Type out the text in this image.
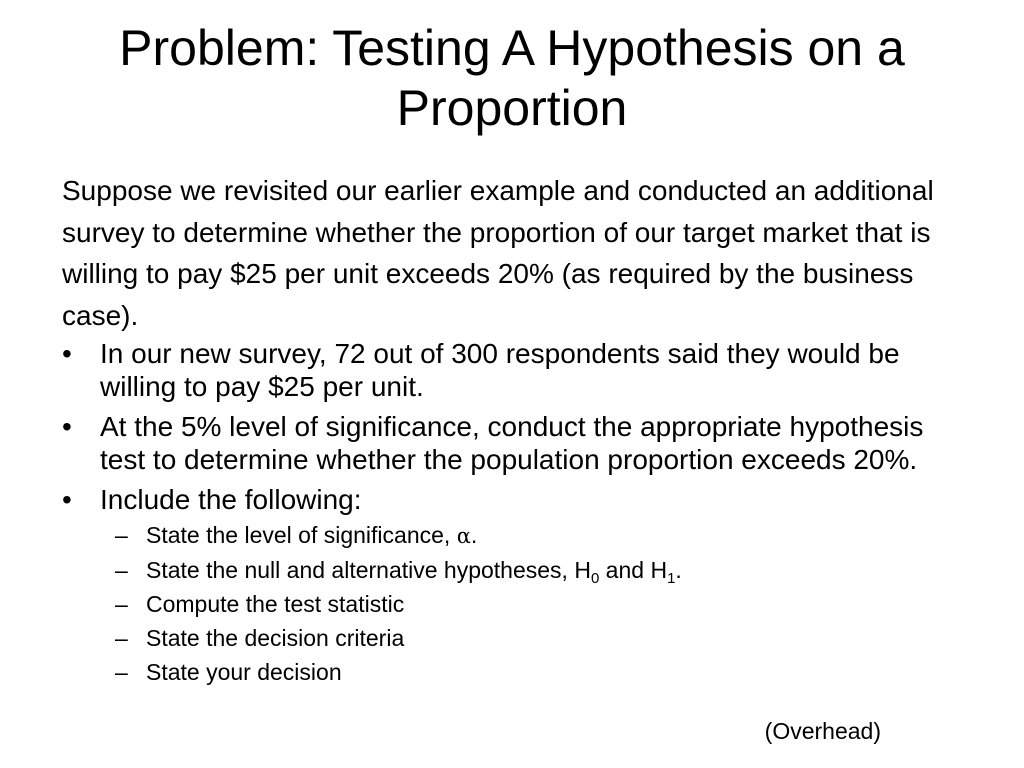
Problem: Testing A Hypothesis on a Proportion
Suppose we revisited our earlier example and conducted an additional survey to determine whether the proportion of our target market that is willing to pay $25 per unit exceeds 20% (as required by the business case).
• In our new survey, 72 out of 300 respondents said they would be willing to pay $25 per unit.
• At the 5% level of significance, conduct the appropriate hypothesis test to determine whether the population proportion exceeds 20%.
• Include the following:
– State the level of significance, α.
– State the null and alternative hypotheses, $H_0$ and $H_1$.
– Compute the test statistic
– State the decision criteria
– State your decision
(Overhead)
